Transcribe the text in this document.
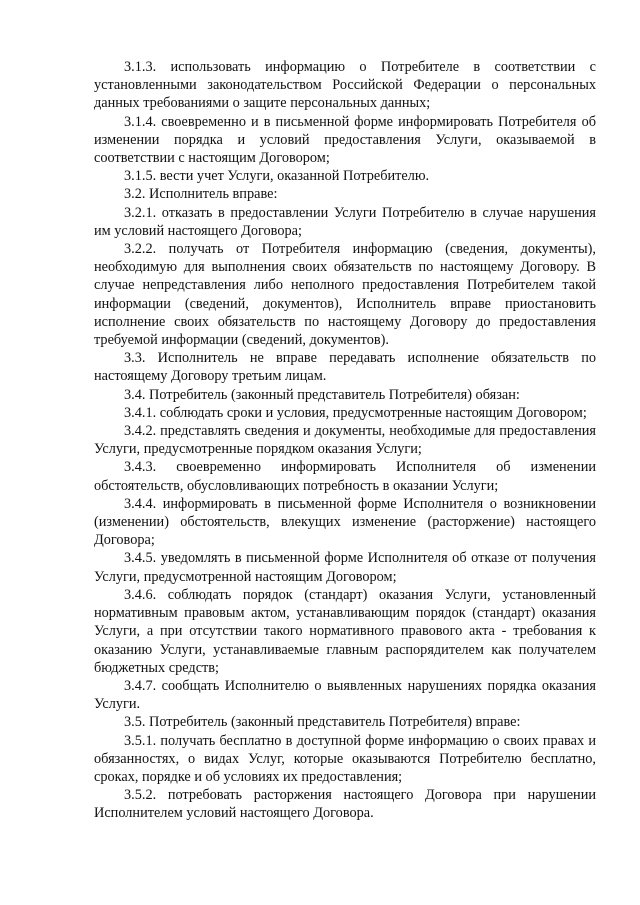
3.1.3. использовать информацию о Потребителе в соответствии с установленными законодательством Российской Федерации о персональных данных требованиями о защите персональных данных;

3.1.4. своевременно и в письменной форме информировать Потребителя об изменении порядка и условий предоставления Услуги, оказываемой в соответствии с настоящим Договором;

3.1.5. вести учет Услуги, оказанной Потребителю.

3.2. Исполнитель вправе:

3.2.1. отказать в предоставлении Услуги Потребителю в случае нарушения им условий настоящего Договора;

3.2.2. получать от Потребителя информацию (сведения, документы), необходимую для выполнения своих обязательств по настоящему Договору. В случае непредставления либо неполного предоставления Потребителем такой информации (сведений, документов), Исполнитель вправе приостановить исполнение своих обязательств по настоящему Договору до предоставления требуемой информации (сведений, документов).

3.3. Исполнитель не вправе передавать исполнение обязательств по настоящему Договору третьим лицам.

3.4. Потребитель (законный представитель Потребителя) обязан:

3.4.1. соблюдать сроки и условия, предусмотренные настоящим Договором;

3.4.2. представлять сведения и документы, необходимые для предоставления Услуги, предусмотренные порядком оказания Услуги;

3.4.3. своевременно информировать Исполнителя об изменении обстоятельств, обусловливающих потребность в оказании Услуги;

3.4.4. информировать в письменной форме Исполнителя о возникновении (изменении) обстоятельств, влекущих изменение (расторжение) настоящего Договора;

3.4.5. уведомлять в письменной форме Исполнителя об отказе от получения Услуги, предусмотренной настоящим Договором;

3.4.6. соблюдать порядок (стандарт) оказания Услуги, установленный нормативным правовым актом, устанавливающим порядок (стандарт) оказания Услуги, а при отсутствии такого нормативного правового акта - требования к оказанию Услуги, устанавливаемые главным распорядителем как получателем бюджетных средств;

3.4.7. сообщать Исполнителю о выявленных нарушениях порядка оказания Услуги.

3.5. Потребитель (законный представитель Потребителя) вправе:

3.5.1. получать бесплатно в доступной форме информацию о своих правах и обязанностях, о видах Услуг, которые оказываются Потребителю бесплатно, сроках, порядке и об условиях их предоставления;

3.5.2. потребовать расторжения настоящего Договора при нарушении Исполнителем условий настоящего Договора.
